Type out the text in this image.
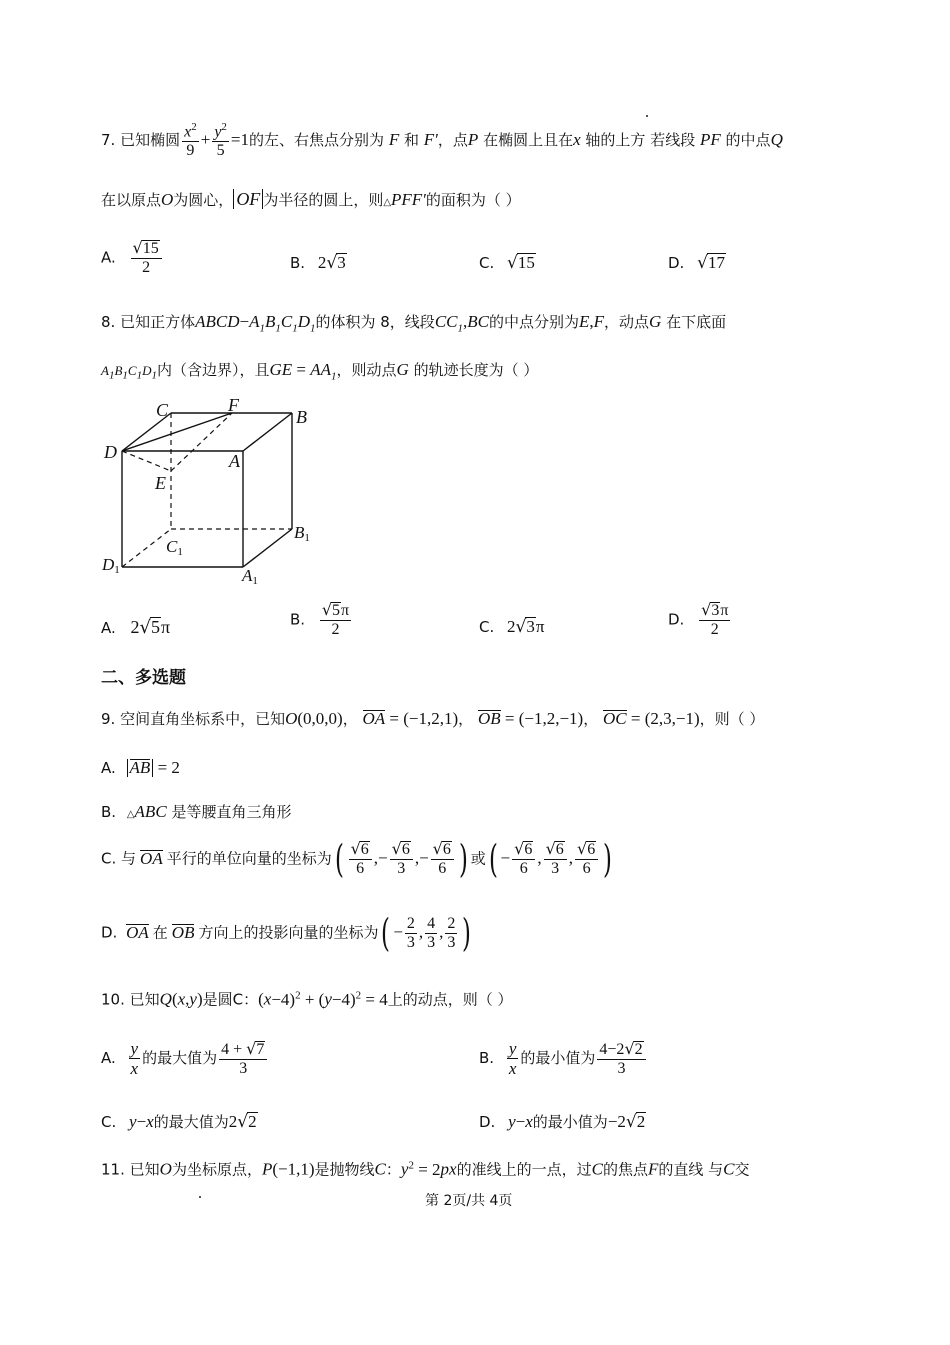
7. 已知椭圆 $\frac{x^2}{9} + \frac{y^2}{5} =1$的左、右焦点分别为 F 和 F′，点P 在椭圆上且在x 轴的上方 若线段 PF 的中点Q
在以原点O为圆心， OF 为半径的圆上，则△PFF′的面积为（ ）
A. $\frac{√15}{2}$	B. 2√3	C. √15	D. √17
8. 已知正方体$ABCD-A_1B_1C_1D_1$的体积为 8，线段$CC_1,BC$的中点分别为E,F，动点G 在下底面
$A_1B_1C_1D_1$内（含边界），且GE = $AA_1$，则动点G 的轨迹长度为（ ）
C	F
B
D	A
E
C1
B1
D1	A1
A. 2√5π	B. $\frac{√5\pi}{2}$	C. 2√3π	D. $\frac{√3\pi}{2}$
二、多选题
9. 空间直角坐标系中，已知O(0,0,0)， OA = (−1,2,1)， OB = (−1,2,−1)， OC = (2,3,−1)，则（ ）
A. AB = 2
B. △ABC 是等腰直角三角形
C. 与 OA 平行的单位向量的坐标为( $\frac{√6}{6}$ ,− $\frac{√6}{3}$ ,− $\frac{√6}{6}$ ) 或( − $\frac{√6}{6}$ , $\frac{√6}{3}$ , $\frac{√6}{6}$ )
D. OA 在 OB 方向上的投影向量的坐标为( − $\frac{2}{3}$ , $\frac{4}{3}$ , $\frac{2}{3}$ )
10. 已知Q(x,y)是圆C：$(x-4)^2 + (y-4)^2 = 4$上的动点，则（ ）
A. $\frac{y}{x}$ 的最大值为 $\frac{4 + √7}{3}$	B. $\frac{y}{x}$ 的最小值为 $\frac{4-2√2}{3}$
C. y−x的最大值为2√2	D. y−x的最小值为−2√2
11. 已知O为坐标原点，P(−1,1)是抛物线C：$y^2 = 2px$的准线上的一点，过C的焦点F的直线 与C交
第 2页/共 4页
